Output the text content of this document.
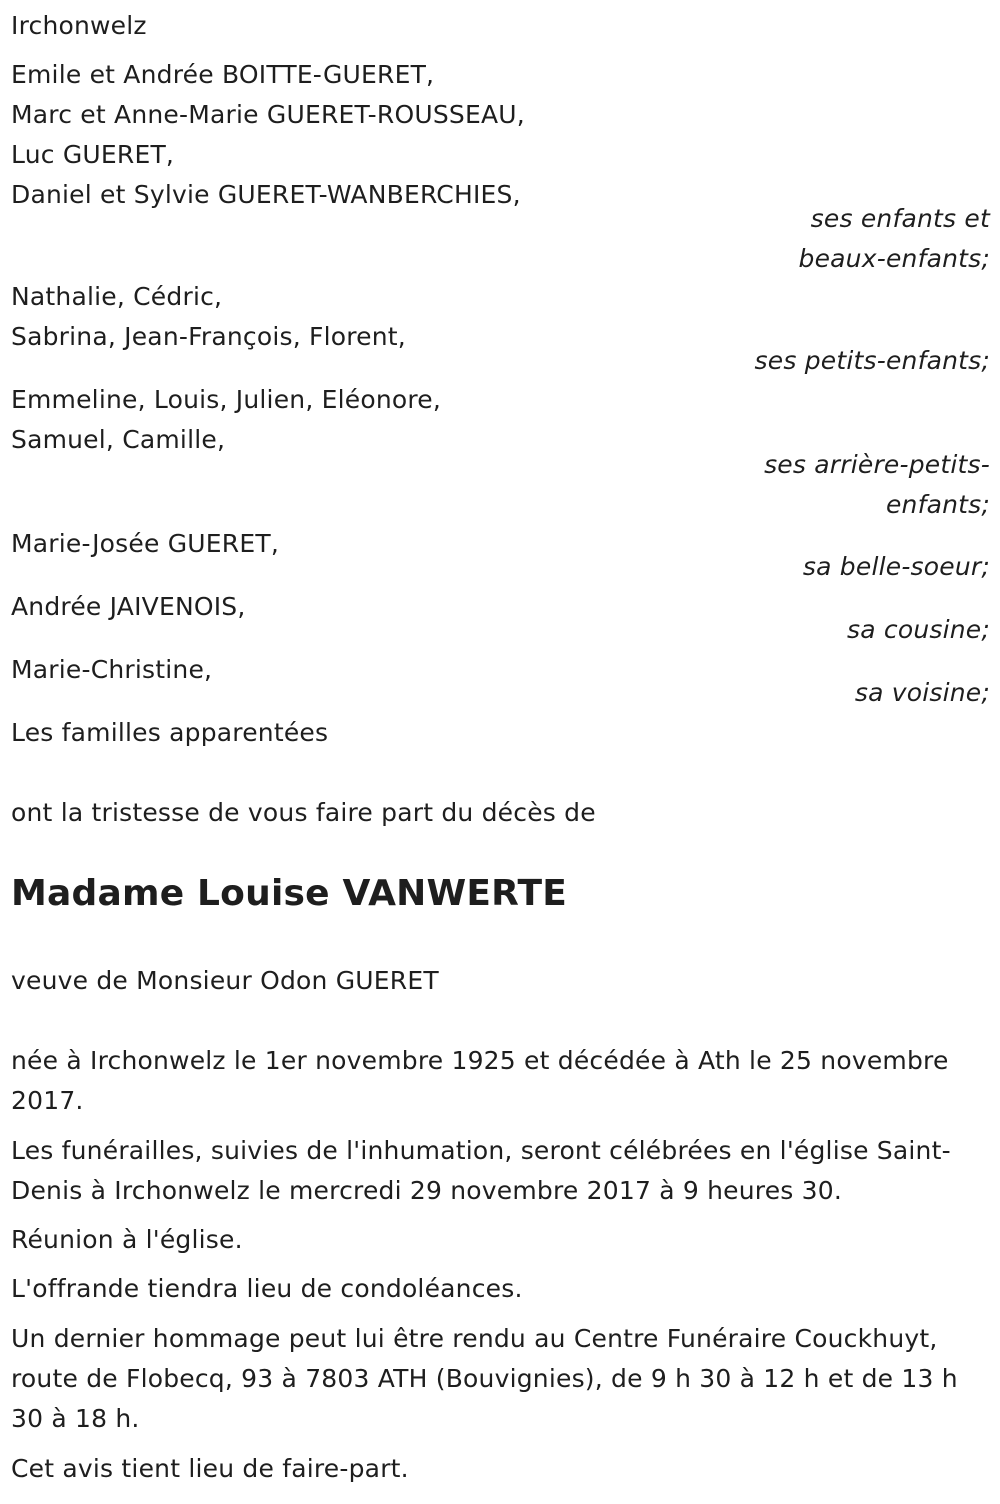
Irchonwelz

Emile et Andrée BOITTE-GUERET,
Marc et Anne-Marie GUERET-ROUSSEAU,
Luc GUERET,
Daniel et Sylvie GUERET-WANBERCHIES,
ses enfants et
beaux-enfants;
Nathalie, Cédric,
Sabrina, Jean-François, Florent,
ses petits-enfants;
Emmeline, Louis, Julien, Eléonore,
Samuel, Camille,
ses arrière-petits-
enfants;

Marie-Josée GUERET,

sa belle-soeur;

Andrée JAIVENOIS,

sa cousine;

Marie-Christine,

sa voisine;

Les familles apparentées

ont la tristesse de vous faire part du décès de

Madame Louise VANWERTE

veuve de Monsieur Odon GUERET

née à Irchonwelz le 1er novembre 1925 et décédée à Ath le 25 novembre 2017.

Les funérailles, suivies de l'inhumation, seront célébrées en l'église Saint-Denis à Irchonwelz le mercredi 29 novembre 2017 à 9 heures 30.

Réunion à l'église.

L'offrande tiendra lieu de condoléances.

Un dernier hommage peut lui être rendu au Centre Funéraire Couckhuyt, route de Flobecq, 93 à 7803 ATH (Bouvignies), de 9 h 30 à 12 h et de 13 h 30 à 18 h.

Cet avis tient lieu de faire-part.
